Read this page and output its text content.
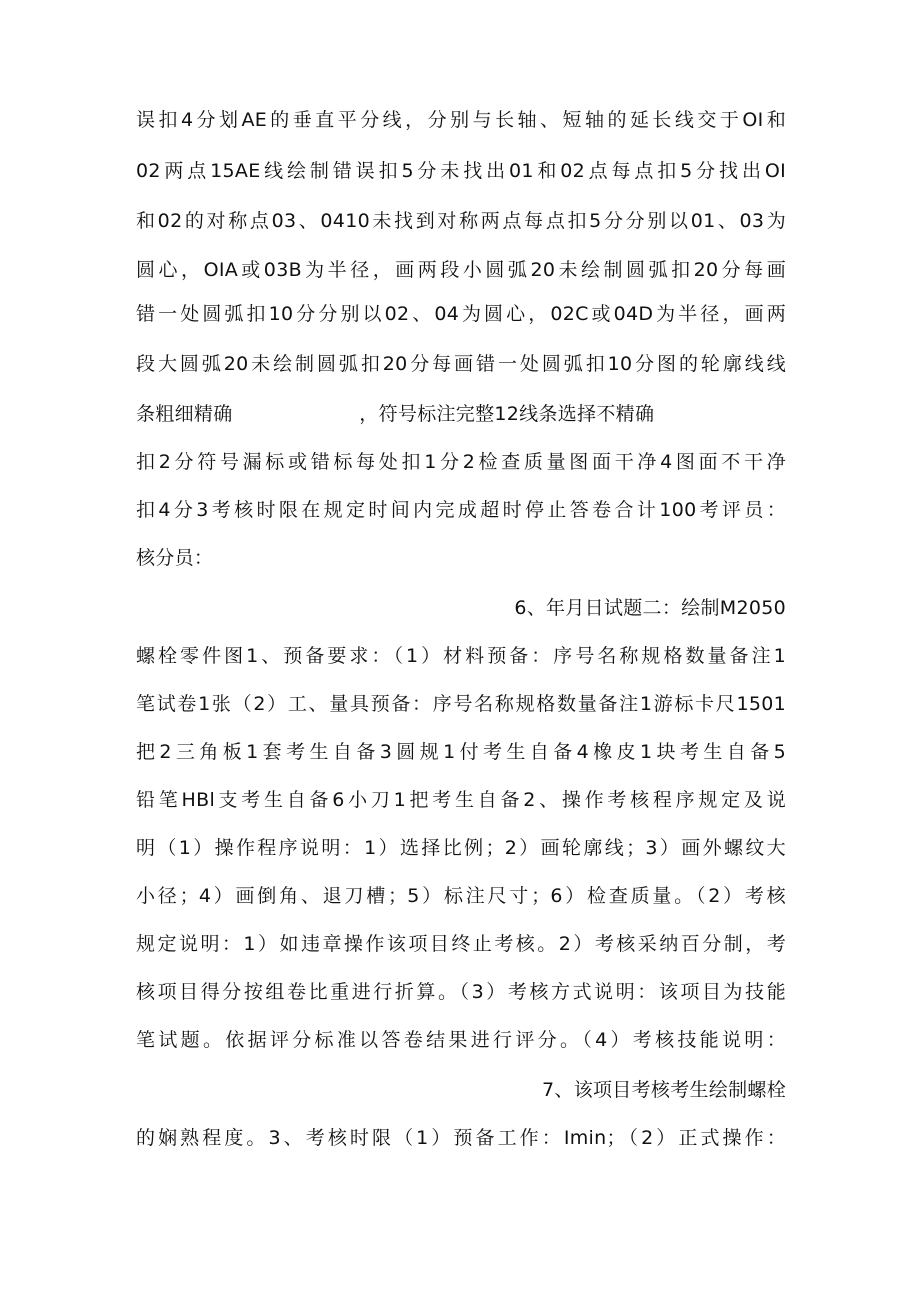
误扣4分划AE的垂直平分线，分别与长轴、短轴的延长线交于OI和
02两点15AE线绘制错误扣5分未找出01和02点每点扣5分找出OI
和02的对称点03、0410未找到对称两点每点扣5分分别以01、03为
圆心，OIA或03B为半径，画两段小圆弧20未绘制圆弧扣20分每画
错一处圆弧扣10分分别以02、04为圆心，02C或04D为半径，画两
段大圆弧20未绘制圆弧扣20分每画错一处圆弧扣10分图的轮廓线线
条粗细精确                    ，符号标注完整12线条选择不精确
扣2分符号漏标或错标每处扣1分2检查质量图面干净4图面不干净
扣4分3考核时限在规定时间内完成超时停止答卷合计100考评员：
核分员：
6、年月日试题二：绘制M2050
螺栓零件图1、预备要求：（1）材料预备：序号名称规格数量备注1
笔试卷1张（2）工、量具预备：序号名称规格数量备注1游标卡尺1501
把2三角板1套考生自备3圆规1付考生自备4橡皮1块考生自备5
铅笔HBl支考生自备6小刀1把考生自备2、操作考核程序规定及说
明（1）操作程序说明：1）选择比例；2）画轮廓线；3）画外螺纹大
小径；4）画倒角、退刀槽；5）标注尺寸；6）检查质量。（2）考核
规定说明：1）如违章操作该项目终止考核。2）考核采纳百分制，考
核项目得分按组卷比重进行折算。（3）考核方式说明：该项目为技能
笔试题。依据评分标准以答卷结果进行评分。（4）考核技能说明：
7、该项目考核考生绘制螺栓
的娴熟程度。3、考核时限（1）预备工作：Imin；（2）正式操作：
